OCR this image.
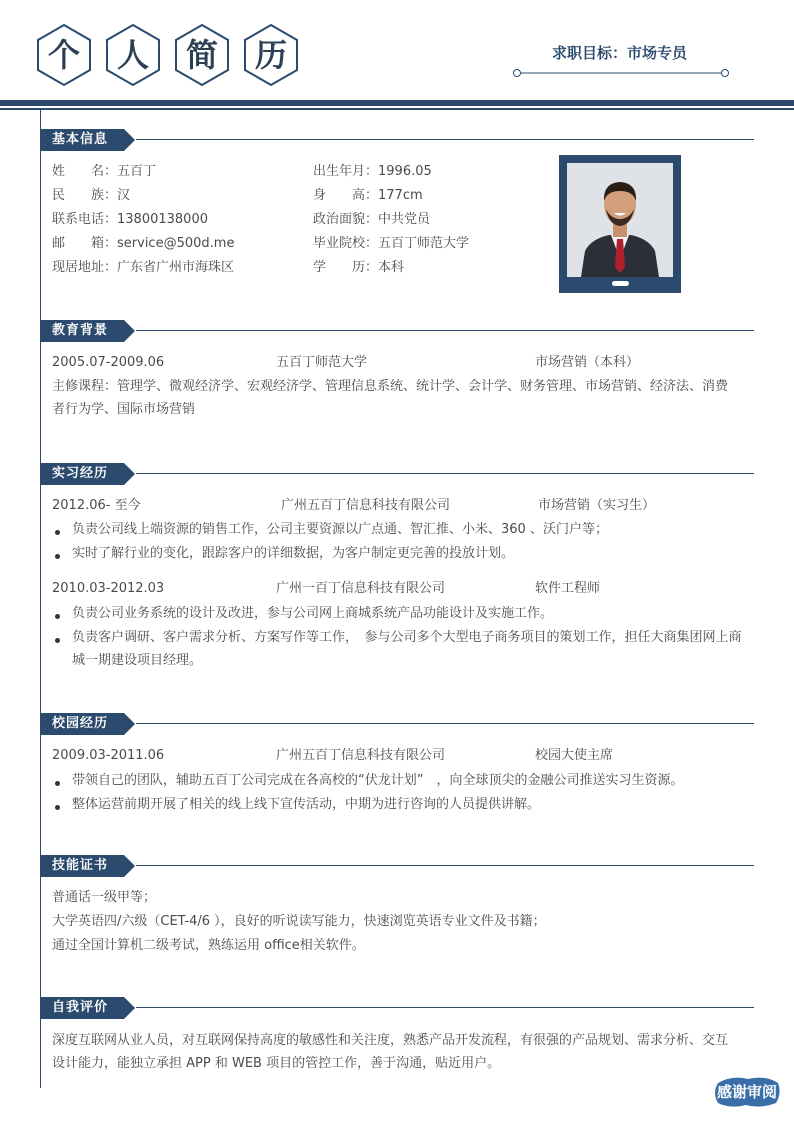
个	人	简	历	求职目标：市场专员
基本信息
姓　　名：五百丁
民　　族：汉
联系电话：13800138000
邮　　箱：service@500d.me
现居地址：广东省广州市海珠区
出生年月：1996.05
身　　高：177cm
政治面貌：中共党员
毕业院校：五百丁师范大学
学　　历：本科
教育背景
2005.07-2009.06	五百丁师范大学	市场营销（本科）
主修课程：管理学、微观经济学、宏观经济学、管理信息系统、统计学、会计学、财务管理、市场营销、经济法、消费者行为学、国际市场营销
实习经历
2012.06- 至今	广州五百丁信息科技有限公司	市场营销（实习生）
负责公司线上端资源的销售工作，公司主要资源以广点通、智汇推、小米、360 、沃门户等；
实时了解行业的变化，跟踪客户的详细数据，为客户制定更完善的投放计划。
2010.03-2012.03	广州一百丁信息科技有限公司	软件工程师
负责公司业务系统的设计及改进，参与公司网上商城系统产品功能设计及实施工作。
负责客户调研、客户需求分析、方案写作等工作，　参与公司多个大型电子商务项目的策划工作，担任大商集团网上商城一期建设项目经理。
校园经历
2009.03-2011.06	广州五百丁信息科技有限公司	校园大使主席
带领自己的团队，辅助五百丁公司完成在各高校的“伏龙计划”　，向全球顶尖的金融公司推送实习生资源。
整体运营前期开展了相关的线上线下宣传活动，中期为进行咨询的人员提供讲解。
技能证书
普通话一级甲等；
大学英语四/六级（CET-4/6 ），良好的听说读写能力，快速浏览英语专业文件及书籍；
通过全国计算机二级考试，熟练运用 office相关软件。
自我评价
深度互联网从业人员，对互联网保持高度的敏感性和关注度，熟悉产品开发流程，有很强的产品规划、需求分析、交互设计能力，能独立承担 APP 和 WEB 项目的管控工作，善于沟通，贴近用户。
感谢审阅
